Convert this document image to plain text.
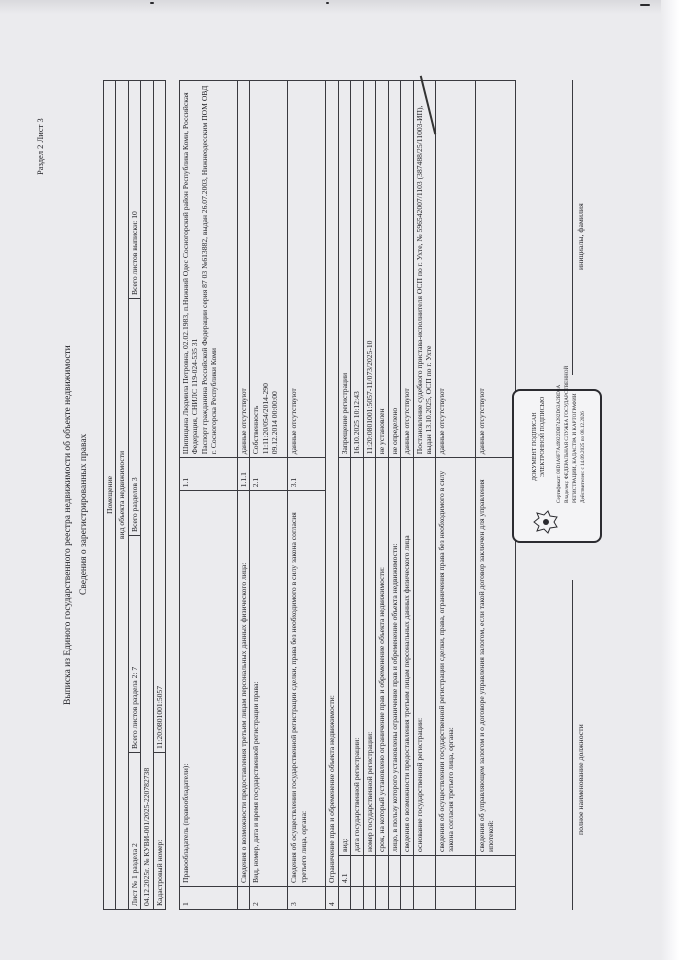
Раздел 2 Лист 3
Выписка из Единого государственного реестра недвижимости об объекте недвижимости Сведения о зарегистрированных правах Помещение			
вид объекта недвижимости			
Лист № 1 раздела 2	Всего листов раздела 2: 7	Всего разделов 3	Всего листов выписки: 10
04.12.2025г. № КУВИ-001/2025-220782738			
Кадастровый номер:	11:20:0801001:5057		
1	Правообладатель (правообладатели):		1.1	Шипицына Людмила Петровна, 02.02.1983, п.Нижний Одес Сосногорский район Республика Коми, Российская Федерация, СНИЛС 119-024-535 31
Паспорт гражданина Российской Федерации серия 87 03 №613882, выдан 26.07.2003, Нижнеодесским ПОМ ОВД г. Сосногорска Республики Коми
	Сведения о возможности предоставления третьим лицам персональных данных физического лица:		1.1.1	данные отсутствуют
2	Вид, номер, дата и время государственной регистрации права:		2.1	Собственность
11:11:20/054/2014-290
09.12.2014 00:00:00
3	Сведения об осуществлении государственной регистрации сделки, права без необходимого в силу закона согласия третьего лица, органа:		3.1	данные отсутствуют
4	Ограничение прав и обременение объекта недвижимости:			
	4.1	вид:		Запрещение регистрации
		дата государственной регистрации:		16.10.2025 10:12:43
		номер государственной регистрации:		11:20:0801001:5057-11/073/2025-10
		срок, на который установлено ограничение прав и обременение объекта недвижимости:		не установлен
		лицо, в пользу которого установлены ограничение прав и обременение объекта недвижимости:		не определено
		сведения о возможности предоставления третьим лицам персональных данных физического лица		данные отсутствуют
		основание государственной регистрации:		Постановление судебного пристава-исполнителя ОСП по г. Ухте, № 596542007/1103 (387488/25/11003-ИП), выдан 13.10.2025, ОСП по г. Ухте
		сведения об осуществлении государственной регистрации сделки, права, ограничения права без необходимого в силу закона согласия третьего лица, органа:		данные отсутствуют
		сведения об управляющем залогом и о договоре управления залогом, если такой договор заключен для управления ипотекой:		данные отсутствуют
полное наименование должности
инициалы, фамилия
ДОКУМЕНТ ПОДПИСАН ЭЛЕКТРОННОЙ ПОДПИСЬЮ Сертификат: 00D1A8F7A49922DB74282D63A2BD8A Владелец: ФЕДЕРАЛЬНАЯ СЛУЖБА ГОСУДАРСТВЕННОЙ РЕГИСТРАЦИИ, КАДАСТРА И КАРТОГРАФИИ Действителен: с 14.09.2025 по 08.12.2026
